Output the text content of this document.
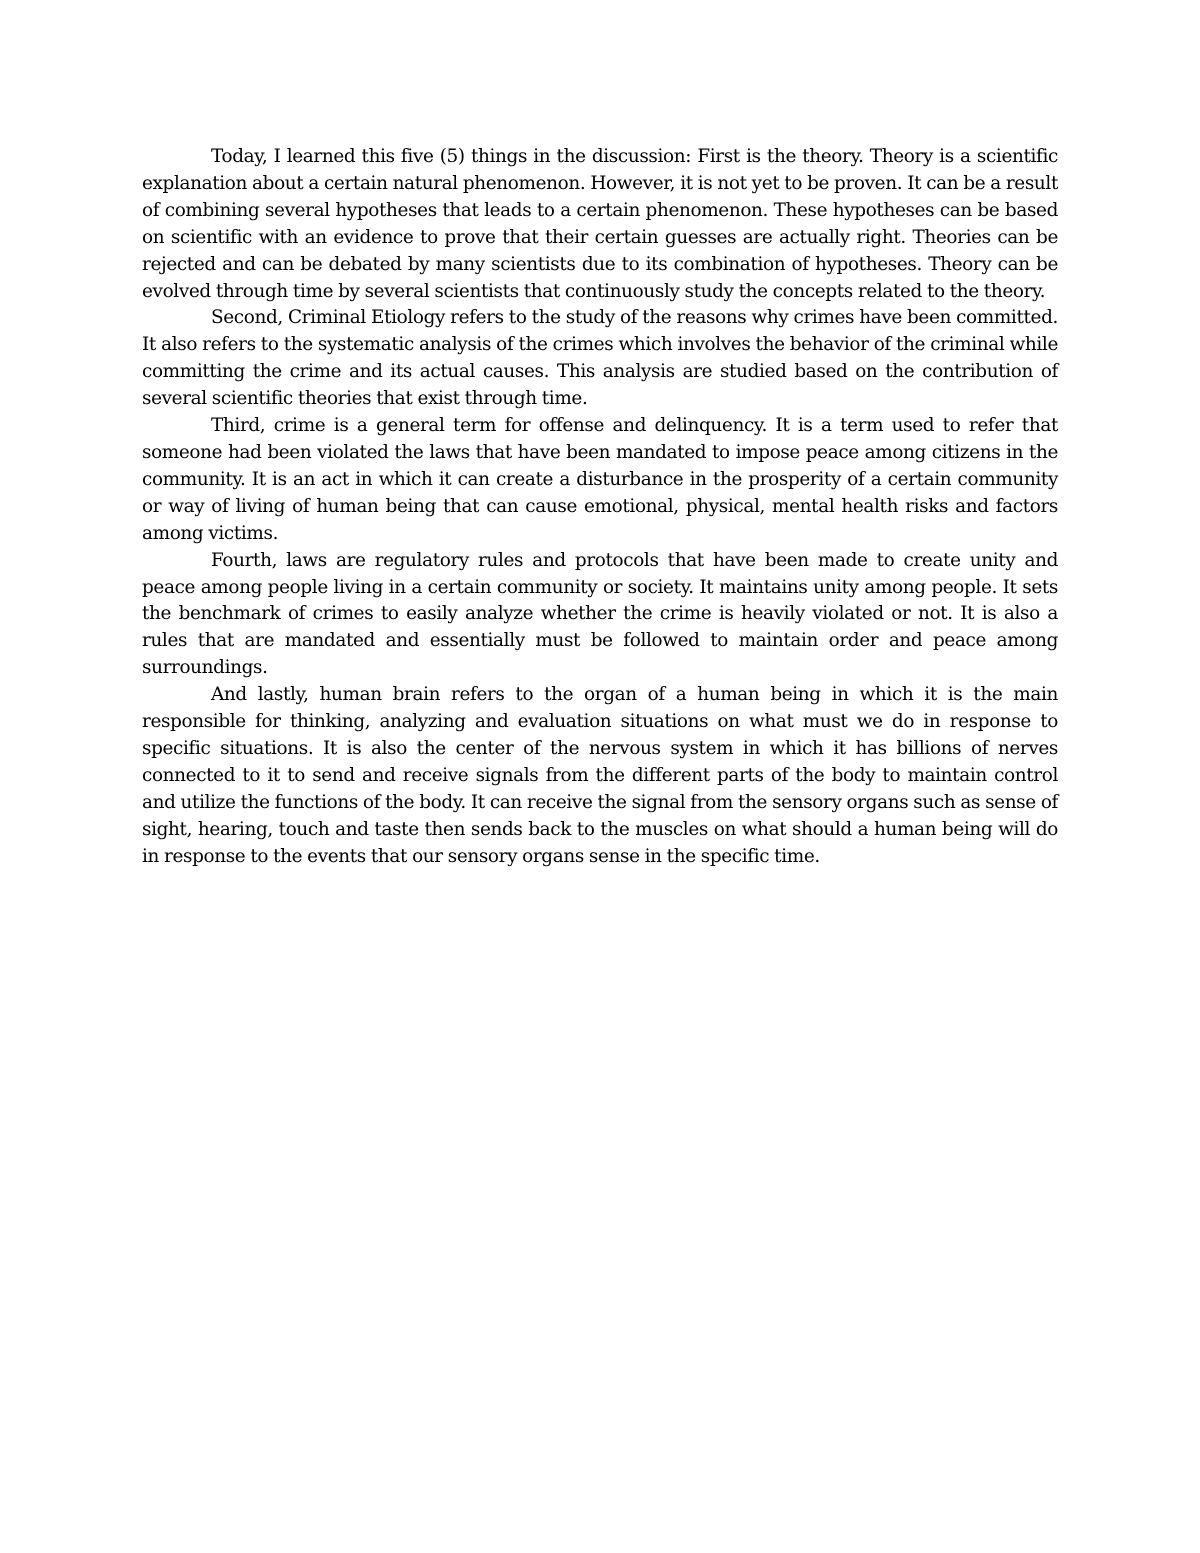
Today, I learned this five (5) things in the discussion: First is the theory. Theory is a scientific explanation about a certain natural phenomenon. However, it is not yet to be proven. It can be a result of combining several hypotheses that leads to a certain phenomenon. These hypotheses can be based on scientific with an evidence to prove that their certain guesses are actually right. Theories can be rejected and can be debated by many scientists due to its combination of hypotheses. Theory can be evolved through time by several scientists that continuously study the concepts related to the theory.

Second, Criminal Etiology refers to the study of the reasons why crimes have been committed. It also refers to the systematic analysis of the crimes which involves the behavior of the criminal while committing the crime and its actual causes. This analysis are studied based on the contribution of several scientific theories that exist through time.

Third, crime is a general term for offense and delinquency. It is a term used to refer that someone had been violated the laws that have been mandated to impose peace among citizens in the community. It is an act in which it can create a disturbance in the prosperity of a certain community or way of living of human being that can cause emotional, physical, mental health risks and factors among victims.

Fourth, laws are regulatory rules and protocols that have been made to create unity and peace among people living in a certain community or society. It maintains unity among people. It sets the benchmark of crimes to easily analyze whether the crime is heavily violated or not. It is also a rules that are mandated and essentially must be followed to maintain order and peace among surroundings.

And lastly, human brain refers to the organ of a human being in which it is the main responsible for thinking, analyzing and evaluation situations on what must we do in response to specific situations. It is also the center of the nervous system in which it has billions of nerves connected to it to send and receive signals from the different parts of the body to maintain control and utilize the functions of the body. It can receive the signal from the sensory organs such as sense of sight, hearing, touch and taste then sends back to the muscles on what should a human being will do in response to the events that our sensory organs sense in the specific time.
